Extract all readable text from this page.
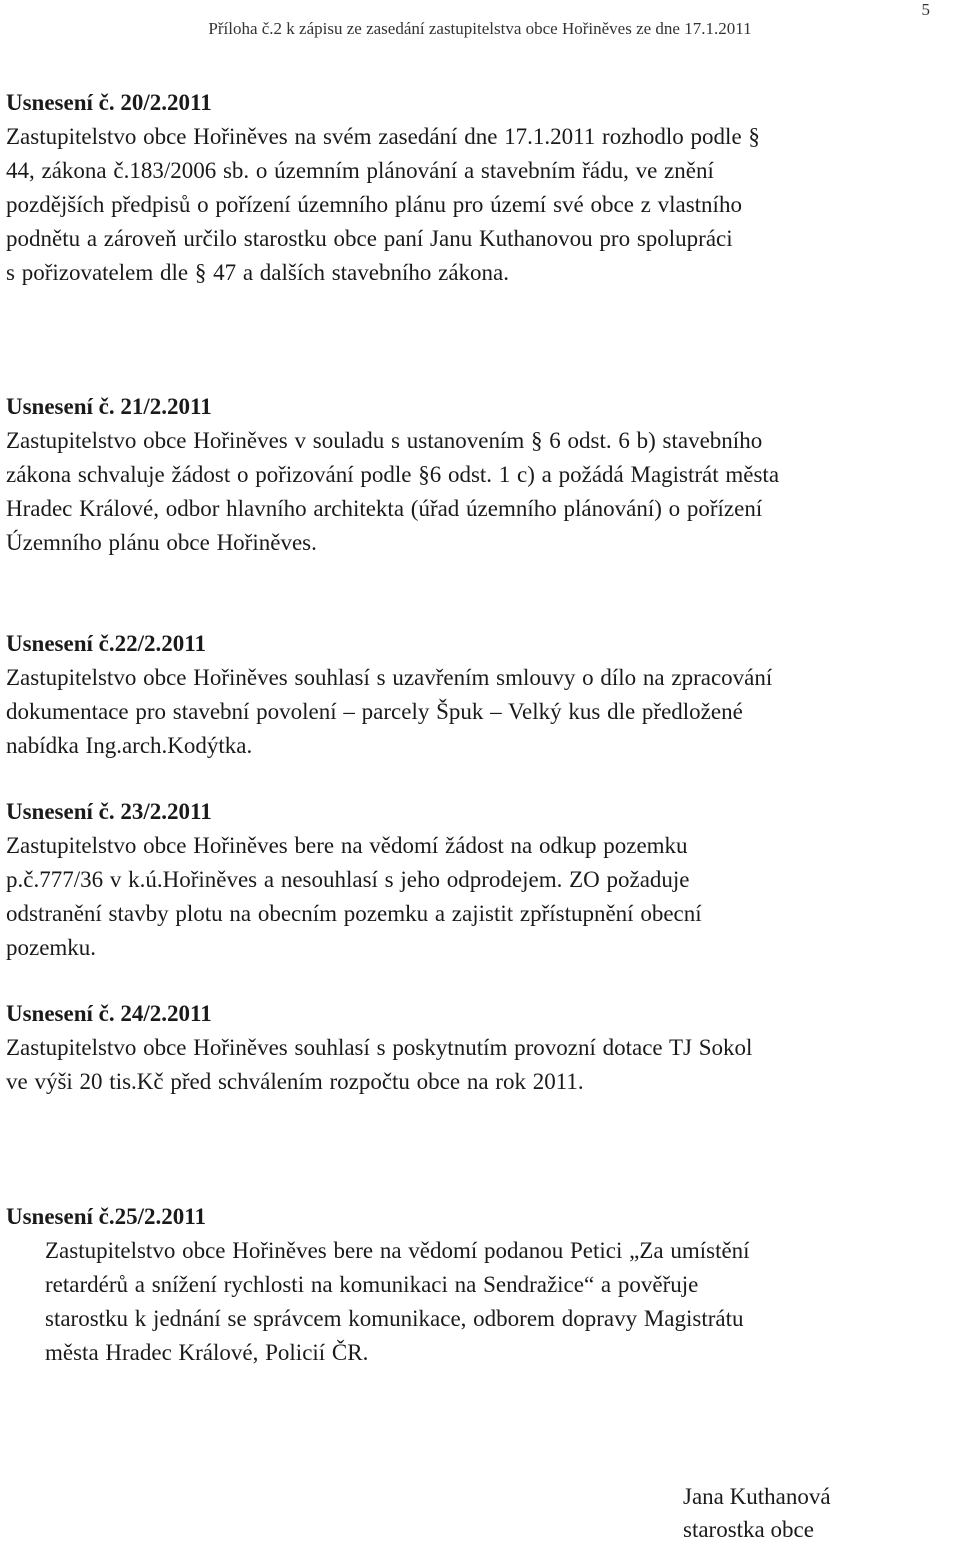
Příloha č.2 k zápisu ze zasedání zastupitelstva obce Hořiněves ze dne 17.1.2011
5
Usnesení č. 20/2.2011
Zastupitelstvo obce Hořiněves na svém zasedání dne 17.1.2011 rozhodlo podle §
44, zákona č.183/2006 sb. o územním plánování a stavebním řádu, ve znění
pozdějších předpisů o pořízení územního plánu pro území své obce z vlastního
podnětu a zároveň určilo starostku obce paní Janu Kuthanovou pro spolupráci
s pořizovatelem dle § 47 a dalších stavebního zákona.
Usnesení č. 21/2.2011
Zastupitelstvo obce Hořiněves v souladu s ustanovením § 6 odst. 6 b) stavebního
zákona schvaluje žádost o pořizování podle §6 odst. 1 c) a požádá Magistrát města
Hradec Králové, odbor hlavního architekta (úřad územního plánování) o pořízení
Územního plánu obce Hořiněves.
Usnesení č.22/2.2011
Zastupitelstvo obce Hořiněves souhlasí s uzavřením smlouvy o dílo na zpracování
dokumentace pro stavební povolení – parcely Špuk – Velký kus dle předložené
nabídka Ing.arch.Kodýtka.
Usnesení č. 23/2.2011
Zastupitelstvo obce Hořiněves bere na vědomí žádost na odkup pozemku
p.č.777/36 v k.ú.Hořiněves a nesouhlasí s jeho odprodejem. ZO požaduje
odstranění stavby plotu na obecním pozemku a zajistit zpřístupnění obecní
pozemku.
Usnesení č. 24/2.2011
Zastupitelstvo obce Hořiněves souhlasí s poskytnutím provozní dotace TJ Sokol
ve výši 20 tis.Kč před schválením rozpočtu obce na rok 2011.
Usnesení č.25/2.2011
Zastupitelstvo obce Hořiněves bere na vědomí podanou Petici „Za umístění
retardérů a snížení rychlosti na komunikaci na Sendražice“ a pověřuje
starostku k jednání se správcem komunikace, odborem dopravy Magistrátu
města Hradec Králové, Policií ČR.
Jana Kuthanová
starostka obce
